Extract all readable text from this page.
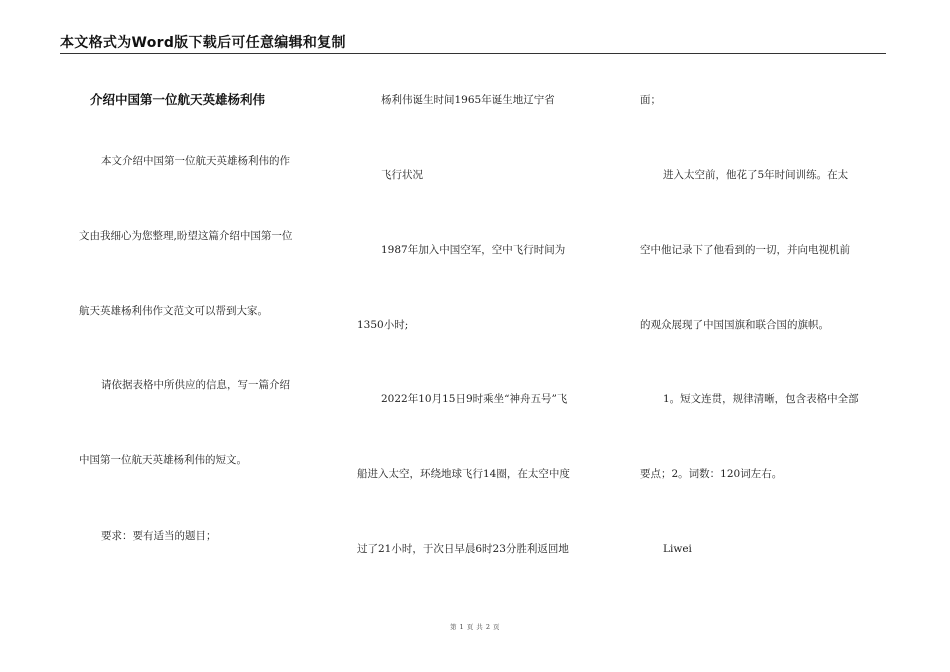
本文格式为Word版下载后可任意编辑和复制
介绍中国第一位航天英雄杨利伟
本文介绍中国第一位航天英雄杨利伟的作
文由我细心为您整理,盼望这篇介绍中国第一位
航天英雄杨利伟作文范文可以帮到大家。
请依据表格中所供应的信息，写一篇介绍
中国第一位航天英雄杨利伟的短文。
要求：要有适当的题目；
杨利伟诞生时间1965年诞生地辽宁省
飞行状况
1987年加入中国空军，空中飞行时间为
1350小时;
2022年10月15日9时乘坐“神舟五号”飞
船进入太空，环绕地球飞行14圈，在太空中度
过了21小时，于次日早晨6时23分胜利返回地
面；
进入太空前，他花了5年时间训练。在太
空中他记录下了他看到的一切，并向电视机前
的观众展现了中国国旗和联合国的旗帜。
1。短文连贯，规律清晰，包含表格中全部
要点；2。词数：120词左右。
Liwei
第 1 页 共 2 页
